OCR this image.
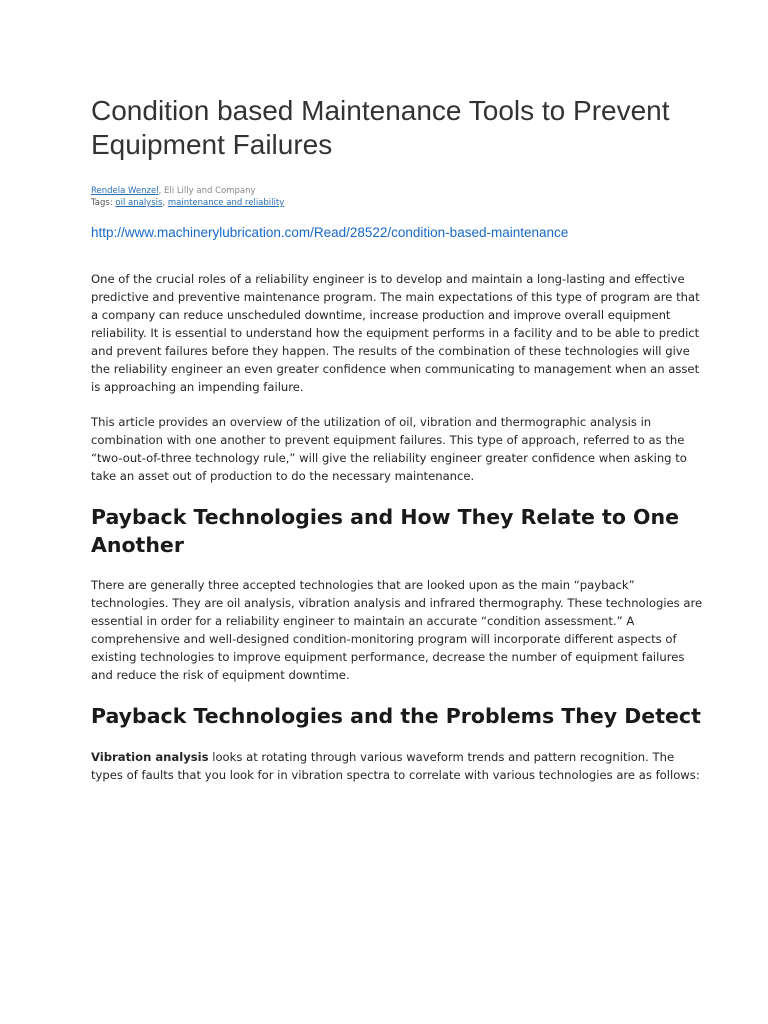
Condition based Maintenance Tools to Prevent Equipment Failures
Rendela Wenzel, Eli Lilly and Company
Tags: oil analysis, maintenance and reliability
http://www.machinerylubrication.com/Read/28522/condition-based-maintenance

One of the crucial roles of a reliability engineer is to develop and maintain a long-lasting and effective predictive and preventive maintenance program. The main expectations of this type of program are that a company can reduce unscheduled downtime, increase production and improve overall equipment reliability. It is essential to understand how the equipment performs in a facility and to be able to predict and prevent failures before they happen. The results of the combination of these technologies will give the reliability engineer an even greater confidence when communicating to management when an asset is approaching an impending failure.

This article provides an overview of the utilization of oil, vibration and thermographic analysis in combination with one another to prevent equipment failures. This type of approach, referred to as the “two-out-of-three technology rule,” will give the reliability engineer greater confidence when asking to take an asset out of production to do the necessary maintenance.

Payback Technologies and How They Relate to One Another

There are generally three accepted technologies that are looked upon as the main “payback” technologies. They are oil analysis, vibration analysis and infrared thermography. These technologies are essential in order for a reliability engineer to maintain an accurate “condition assessment.” A comprehensive and well-designed condition-monitoring program will incorporate different aspects of existing technologies to improve equipment performance, decrease the number of equipment failures and reduce the risk of equipment downtime.

Payback Technologies and the Problems They Detect

Vibration analysis looks at rotating through various waveform trends and pattern recognition. The types of faults that you look for in vibration spectra to correlate with various technologies are as follows:
